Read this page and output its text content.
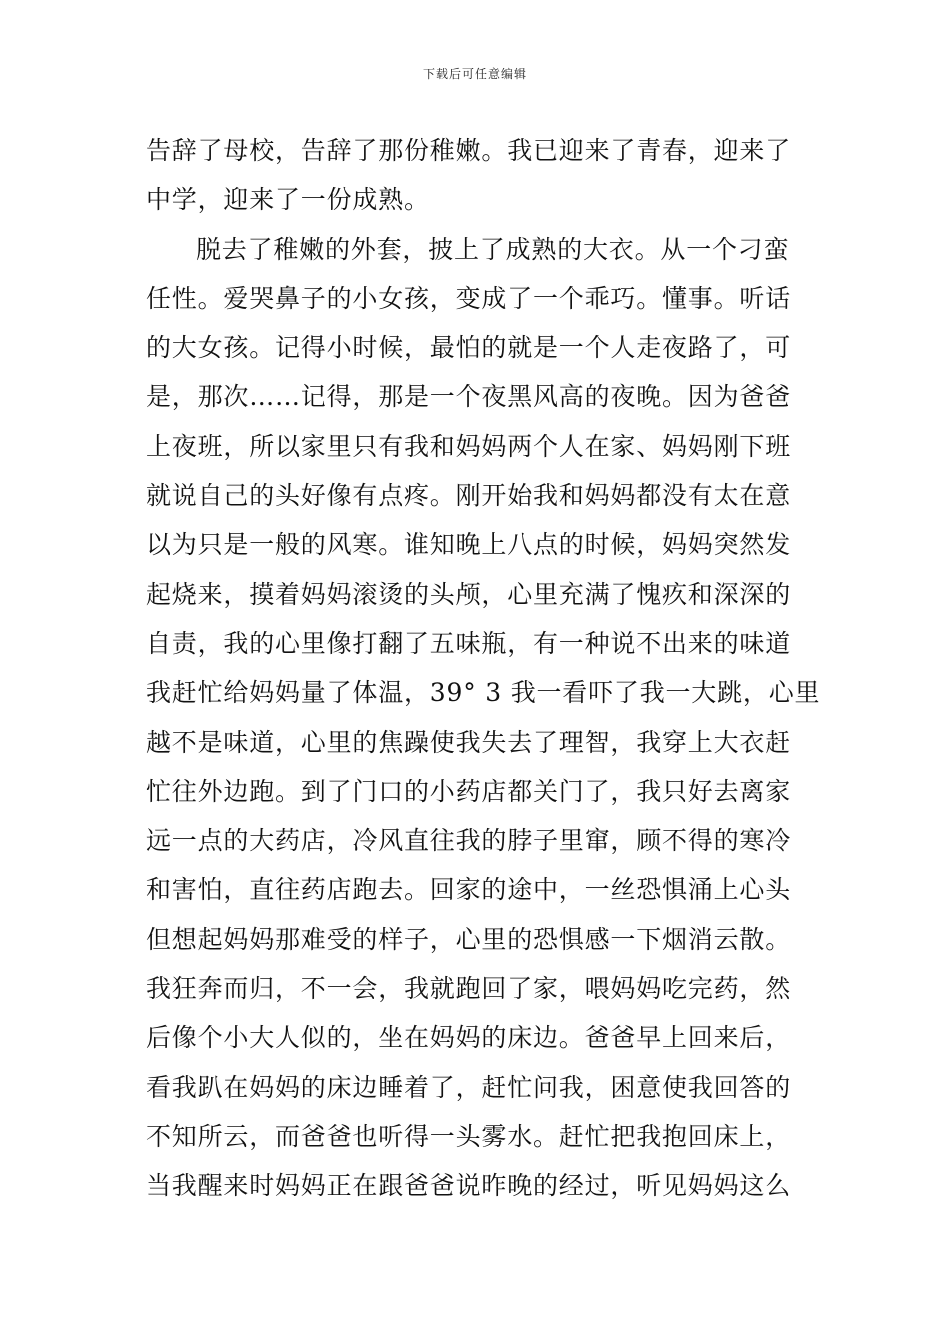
下载后可任意编辑
告辞了母校，告辞了那份稚嫩。我已迎来了青春，迎来了
中学，迎来了一份成熟。
脱去了稚嫩的外套，披上了成熟的大衣。从一个刁蛮
任性。爱哭鼻子的小女孩，变成了一个乖巧。懂事。听话
的大女孩。记得小时候，最怕的就是一个人走夜路了，可
是，那次……记得，那是一个夜黑风高的夜晚。因为爸爸
上夜班，所以家里只有我和妈妈两个人在家、妈妈刚下班
就说自己的头好像有点疼。刚开始我和妈妈都没有太在意
以为只是一般的风寒。谁知晚上八点的时候，妈妈突然发
起烧来，摸着妈妈滚烫的头颅，心里充满了愧疚和深深的
自责，我的心里像打翻了五味瓶，有一种说不出来的味道
我赶忙给妈妈量了体温，39° 3 我一看吓了我一大跳，心里
越不是味道，心里的焦躁使我失去了理智，我穿上大衣赶
忙往外边跑。到了门口的小药店都关门了，我只好去离家
远一点的大药店，冷风直往我的脖子里窜，顾不得的寒冷
和害怕，直往药店跑去。回家的途中，一丝恐惧涌上心头
但想起妈妈那难受的样子，心里的恐惧感一下烟消云散。
我狂奔而归，不一会，我就跑回了家，喂妈妈吃完药，然
后像个小大人似的，坐在妈妈的床边。爸爸早上回来后，
看我趴在妈妈的床边睡着了，赶忙问我，困意使我回答的
不知所云，而爸爸也听得一头雾水。赶忙把我抱回床上，
当我醒来时妈妈正在跟爸爸说昨晚的经过，听见妈妈这么
